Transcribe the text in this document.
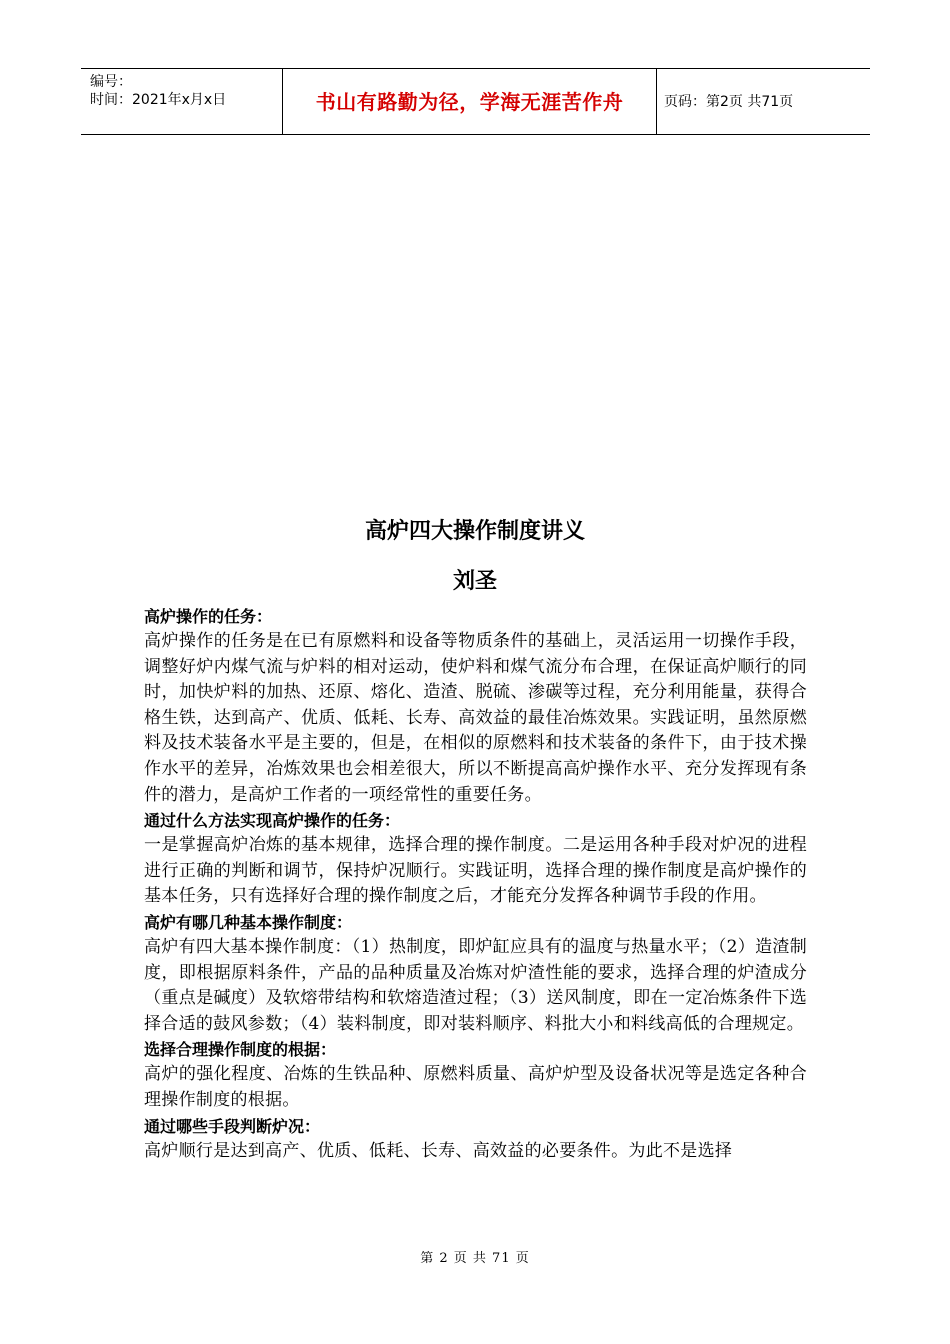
编号：
时间：2021年x月x日	书山有路勤为径，学海无涯苦作舟	页码：第2页 共71页
高炉四大操作制度讲义
刘圣

高炉操作的任务：

高炉操作的任务是在已有原燃料和设备等物质条件的基础上，灵活运用一切操作手段，调整好炉内煤气流与炉料的相对运动，使炉料和煤气流分布合理，在保证高炉顺行的同时，加快炉料的加热、还原、熔化、造渣、脱硫、渗碳等过程，充分利用能量，获得合格生铁，达到高产、优质、低耗、长寿、高效益的最佳冶炼效果。实践证明，虽然原燃料及技术装备水平是主要的，但是，在相似的原燃料和技术装备的条件下，由于技术操作水平的差异，冶炼效果也会相差很大，所以不断提高高炉操作水平、充分发挥现有条件的潜力，是高炉工作者的一项经常性的重要任务。

通过什么方法实现高炉操作的任务：

一是掌握高炉冶炼的基本规律，选择合理的操作制度。二是运用各种手段对炉况的进程进行正确的判断和调节，保持炉况顺行。实践证明，选择合理的操作制度是高炉操作的基本任务，只有选择好合理的操作制度之后，才能充分发挥各种调节手段的作用。

高炉有哪几种基本操作制度：

高炉有四大基本操作制度：（1）热制度，即炉缸应具有的温度与热量水平；（2）造渣制度，即根据原料条件，产品的品种质量及冶炼对炉渣性能的要求，选择合理的炉渣成分（重点是碱度）及软熔带结构和软熔造渣过程；（3）送风制度，即在一定冶炼条件下选择合适的鼓风参数；（4）装料制度，即对装料顺序、料批大小和料线高低的合理规定。

选择合理操作制度的根据：

高炉的强化程度、冶炼的生铁品种、原燃料质量、高炉炉型及设备状况等是选定各种合理操作制度的根据。

通过哪些手段判断炉况：

高炉顺行是达到高产、优质、低耗、长寿、高效益的必要条件。为此不是选择

第 2 页 共 71 页
